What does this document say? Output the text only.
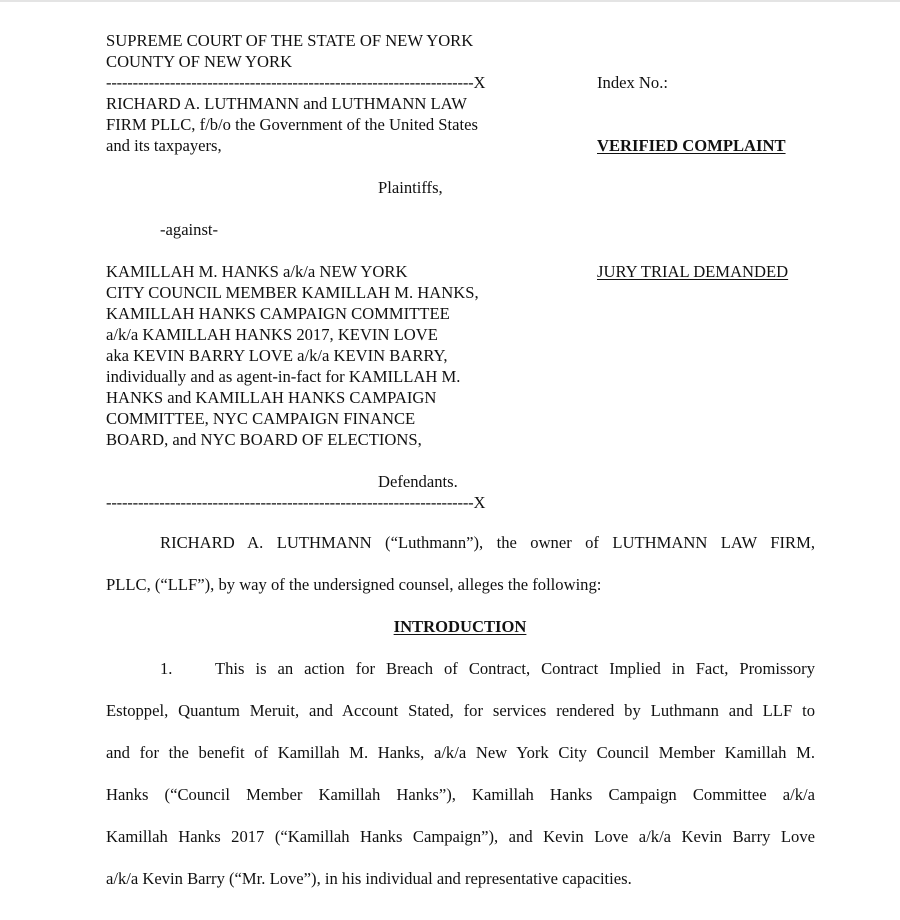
SUPREME COURT OF THE STATE OF NEW YORK
COUNTY OF NEW YORK
---------------------------------------------------------------------X
RICHARD A. LUTHMANN and LUTHMANN LAW
FIRM PLLC, f/b/o the Government of the United States
and its taxpayers,
Plaintiffs,
-against-
KAMILLAH M. HANKS a/k/a NEW YORK
CITY COUNCIL MEMBER KAMILLAH M. HANKS,
KAMILLAH HANKS CAMPAIGN COMMITTEE
a/k/a KAMILLAH HANKS 2017, KEVIN LOVE
aka KEVIN BARRY LOVE a/k/a KEVIN BARRY,
individually and as agent-in-fact for KAMILLAH M.
HANKS and KAMILLAH HANKS CAMPAIGN
COMMITTEE, NYC CAMPAIGN FINANCE
BOARD, and NYC BOARD OF ELECTIONS,
Defendants.
---------------------------------------------------------------------X
Index No.:
VERIFIED COMPLAINT
JURY TRIAL DEMANDED
RICHARD A. LUTHMANN (“Luthmann”), the owner of LUTHMANN LAW FIRM,
PLLC, (“LLF”), by way of the undersigned counsel, alleges the following:
INTRODUCTION
1.	This is an action for Breach of Contract, Contract Implied in Fact, Promissory
Estoppel, Quantum Meruit, and Account Stated, for services rendered by Luthmann and LLF to
and for the benefit of Kamillah M. Hanks, a/k/a New York City Council Member Kamillah M.
Hanks (“Council Member Kamillah Hanks”), Kamillah Hanks Campaign Committee a/k/a
Kamillah Hanks 2017 (“Kamillah Hanks Campaign”), and Kevin Love a/k/a Kevin Barry Love
a/k/a Kevin Barry (“Mr. Love”), in his individual and representative capacities.
